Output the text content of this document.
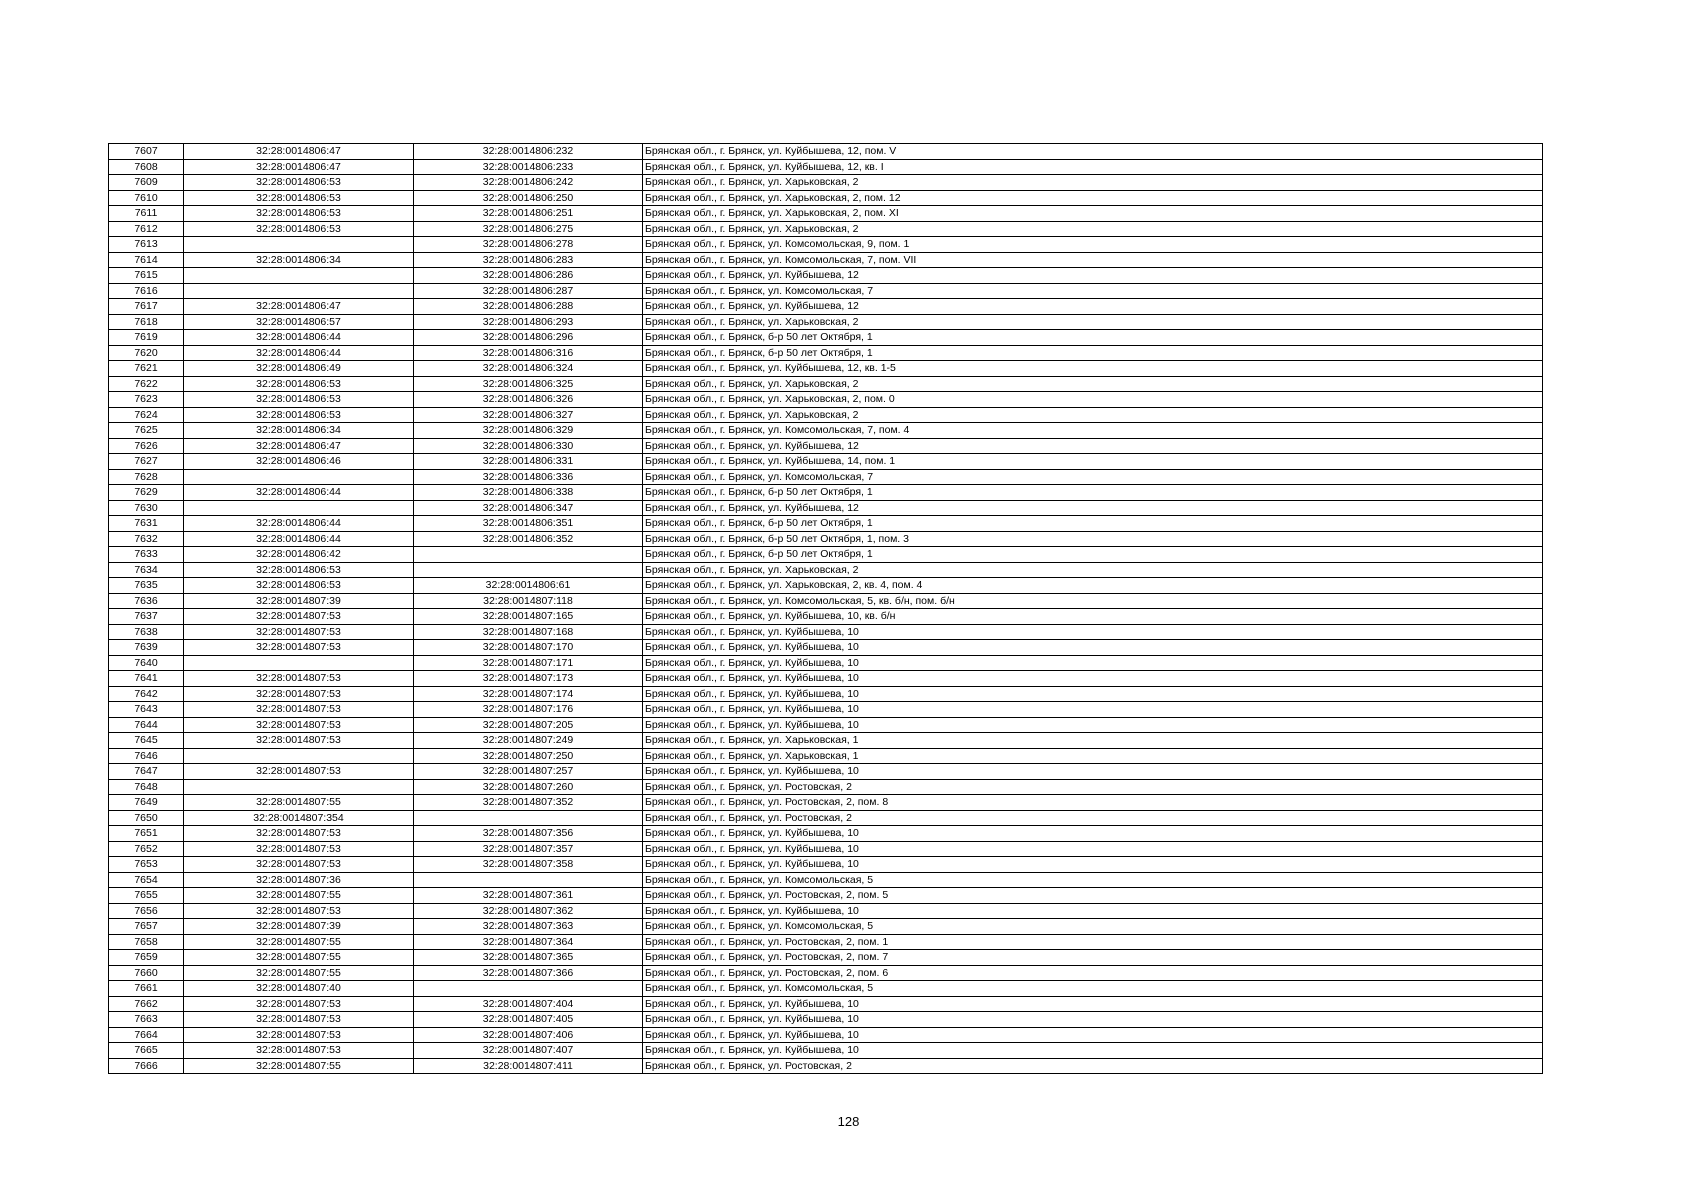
7607	32:28:0014806:47	32:28:0014806:232	Брянская обл., г. Брянск, ул. Куйбышева, 12, пом. V
7608	32:28:0014806:47	32:28:0014806:233	Брянская обл., г. Брянск, ул. Куйбышева, 12, кв. I
7609	32:28:0014806:53	32:28:0014806:242	Брянская обл., г. Брянск, ул. Харьковская, 2
7610	32:28:0014806:53	32:28:0014806:250	Брянская обл., г. Брянск, ул. Харьковская, 2, пом. 12
7611	32:28:0014806:53	32:28:0014806:251	Брянская обл., г. Брянск, ул. Харьковская, 2, пом. XI
7612	32:28:0014806:53	32:28:0014806:275	Брянская обл., г. Брянск, ул. Харьковская, 2
7613		32:28:0014806:278	Брянская обл., г. Брянск, ул. Комсомольская, 9, пом. 1
7614	32:28:0014806:34	32:28:0014806:283	Брянская обл., г. Брянск, ул. Комсомольская, 7, пом. VII
7615		32:28:0014806:286	Брянская обл., г. Брянск, ул. Куйбышева, 12
7616		32:28:0014806:287	Брянская обл., г. Брянск, ул. Комсомольская, 7
7617	32:28:0014806:47	32:28:0014806:288	Брянская обл., г. Брянск, ул. Куйбышева, 12
7618	32:28:0014806:57	32:28:0014806:293	Брянская обл., г. Брянск, ул. Харьковская, 2
7619	32:28:0014806:44	32:28:0014806:296	Брянская обл., г. Брянск, б-р 50 лет Октября, 1
7620	32:28:0014806:44	32:28:0014806:316	Брянская обл., г. Брянск, б-р 50 лет Октября, 1
7621	32:28:0014806:49	32:28:0014806:324	Брянская обл., г. Брянск, ул. Куйбышева, 12, кв. 1-5
7622	32:28:0014806:53	32:28:0014806:325	Брянская обл., г. Брянск, ул. Харьковская, 2
7623	32:28:0014806:53	32:28:0014806:326	Брянская обл., г. Брянск, ул. Харьковская, 2, пом. 0
7624	32:28:0014806:53	32:28:0014806:327	Брянская обл., г. Брянск, ул. Харьковская, 2
7625	32:28:0014806:34	32:28:0014806:329	Брянская обл., г. Брянск, ул. Комсомольская, 7, пом. 4
7626	32:28:0014806:47	32:28:0014806:330	Брянская обл., г. Брянск, ул. Куйбышева, 12
7627	32:28:0014806:46	32:28:0014806:331	Брянская обл., г. Брянск, ул. Куйбышева, 14, пом. 1
7628		32:28:0014806:336	Брянская обл., г. Брянск, ул. Комсомольская, 7
7629	32:28:0014806:44	32:28:0014806:338	Брянская обл., г. Брянск, б-р 50 лет Октября, 1
7630		32:28:0014806:347	Брянская обл., г. Брянск, ул. Куйбышева, 12
7631	32:28:0014806:44	32:28:0014806:351	Брянская обл., г. Брянск, б-р 50 лет Октября, 1
7632	32:28:0014806:44	32:28:0014806:352	Брянская обл., г. Брянск, б-р 50 лет Октября, 1, пом. 3
7633	32:28:0014806:42		Брянская обл., г. Брянск, б-р 50 лет Октября, 1
7634	32:28:0014806:53		Брянская обл., г. Брянск, ул. Харьковская, 2
7635	32:28:0014806:53	32:28:0014806:61	Брянская обл., г. Брянск, ул. Харьковская, 2, кв. 4, пом. 4
7636	32:28:0014807:39	32:28:0014807:118	Брянская обл., г. Брянск, ул. Комсомольская, 5, кв. б/н, пом. б/н
7637	32:28:0014807:53	32:28:0014807:165	Брянская обл., г. Брянск, ул. Куйбышева, 10, кв. б/н
7638	32:28:0014807:53	32:28:0014807:168	Брянская обл., г. Брянск, ул. Куйбышева, 10
7639	32:28:0014807:53	32:28:0014807:170	Брянская обл., г. Брянск, ул. Куйбышева, 10
7640		32:28:0014807:171	Брянская обл., г. Брянск, ул. Куйбышева, 10
7641	32:28:0014807:53	32:28:0014807:173	Брянская обл., г. Брянск, ул. Куйбышева, 10
7642	32:28:0014807:53	32:28:0014807:174	Брянская обл., г. Брянск, ул. Куйбышева, 10
7643	32:28:0014807:53	32:28:0014807:176	Брянская обл., г. Брянск, ул. Куйбышева, 10
7644	32:28:0014807:53	32:28:0014807:205	Брянская обл., г. Брянск, ул. Куйбышева, 10
7645	32:28:0014807:53	32:28:0014807:249	Брянская обл., г. Брянск, ул. Харьковская, 1
7646		32:28:0014807:250	Брянская обл., г. Брянск, ул. Харьковская, 1
7647	32:28:0014807:53	32:28:0014807:257	Брянская обл., г. Брянск, ул. Куйбышева, 10
7648		32:28:0014807:260	Брянская обл., г. Брянск, ул. Ростовская, 2
7649	32:28:0014807:55	32:28:0014807:352	Брянская обл., г. Брянск, ул. Ростовская, 2, пом. 8
7650	32:28:0014807:354		Брянская обл., г. Брянск, ул. Ростовская, 2
7651	32:28:0014807:53	32:28:0014807:356	Брянская обл., г. Брянск, ул. Куйбышева, 10
7652	32:28:0014807:53	32:28:0014807:357	Брянская обл., г. Брянск, ул. Куйбышева, 10
7653	32:28:0014807:53	32:28:0014807:358	Брянская обл., г. Брянск, ул. Куйбышева, 10
7654	32:28:0014807:36		Брянская обл., г. Брянск, ул. Комсомольская, 5
7655	32:28:0014807:55	32:28:0014807:361	Брянская обл., г. Брянск, ул. Ростовская, 2, пом. 5
7656	32:28:0014807:53	32:28:0014807:362	Брянская обл., г. Брянск, ул. Куйбышева, 10
7657	32:28:0014807:39	32:28:0014807:363	Брянская обл., г. Брянск, ул. Комсомольская, 5
7658	32:28:0014807:55	32:28:0014807:364	Брянская обл., г. Брянск, ул. Ростовская, 2, пом. 1
7659	32:28:0014807:55	32:28:0014807:365	Брянская обл., г. Брянск, ул. Ростовская, 2, пом. 7
7660	32:28:0014807:55	32:28:0014807:366	Брянская обл., г. Брянск, ул. Ростовская, 2, пом. 6
7661	32:28:0014807:40		Брянская обл., г. Брянск, ул. Комсомольская, 5
7662	32:28:0014807:53	32:28:0014807:404	Брянская обл., г. Брянск, ул. Куйбышева, 10
7663	32:28:0014807:53	32:28:0014807:405	Брянская обл., г. Брянск, ул. Куйбышева, 10
7664	32:28:0014807:53	32:28:0014807:406	Брянская обл., г. Брянск, ул. Куйбышева, 10
7665	32:28:0014807:53	32:28:0014807:407	Брянская обл., г. Брянск, ул. Куйбышева, 10
7666	32:28:0014807:55	32:28:0014807:411	Брянская обл., г. Брянск, ул. Ростовская, 2
128
